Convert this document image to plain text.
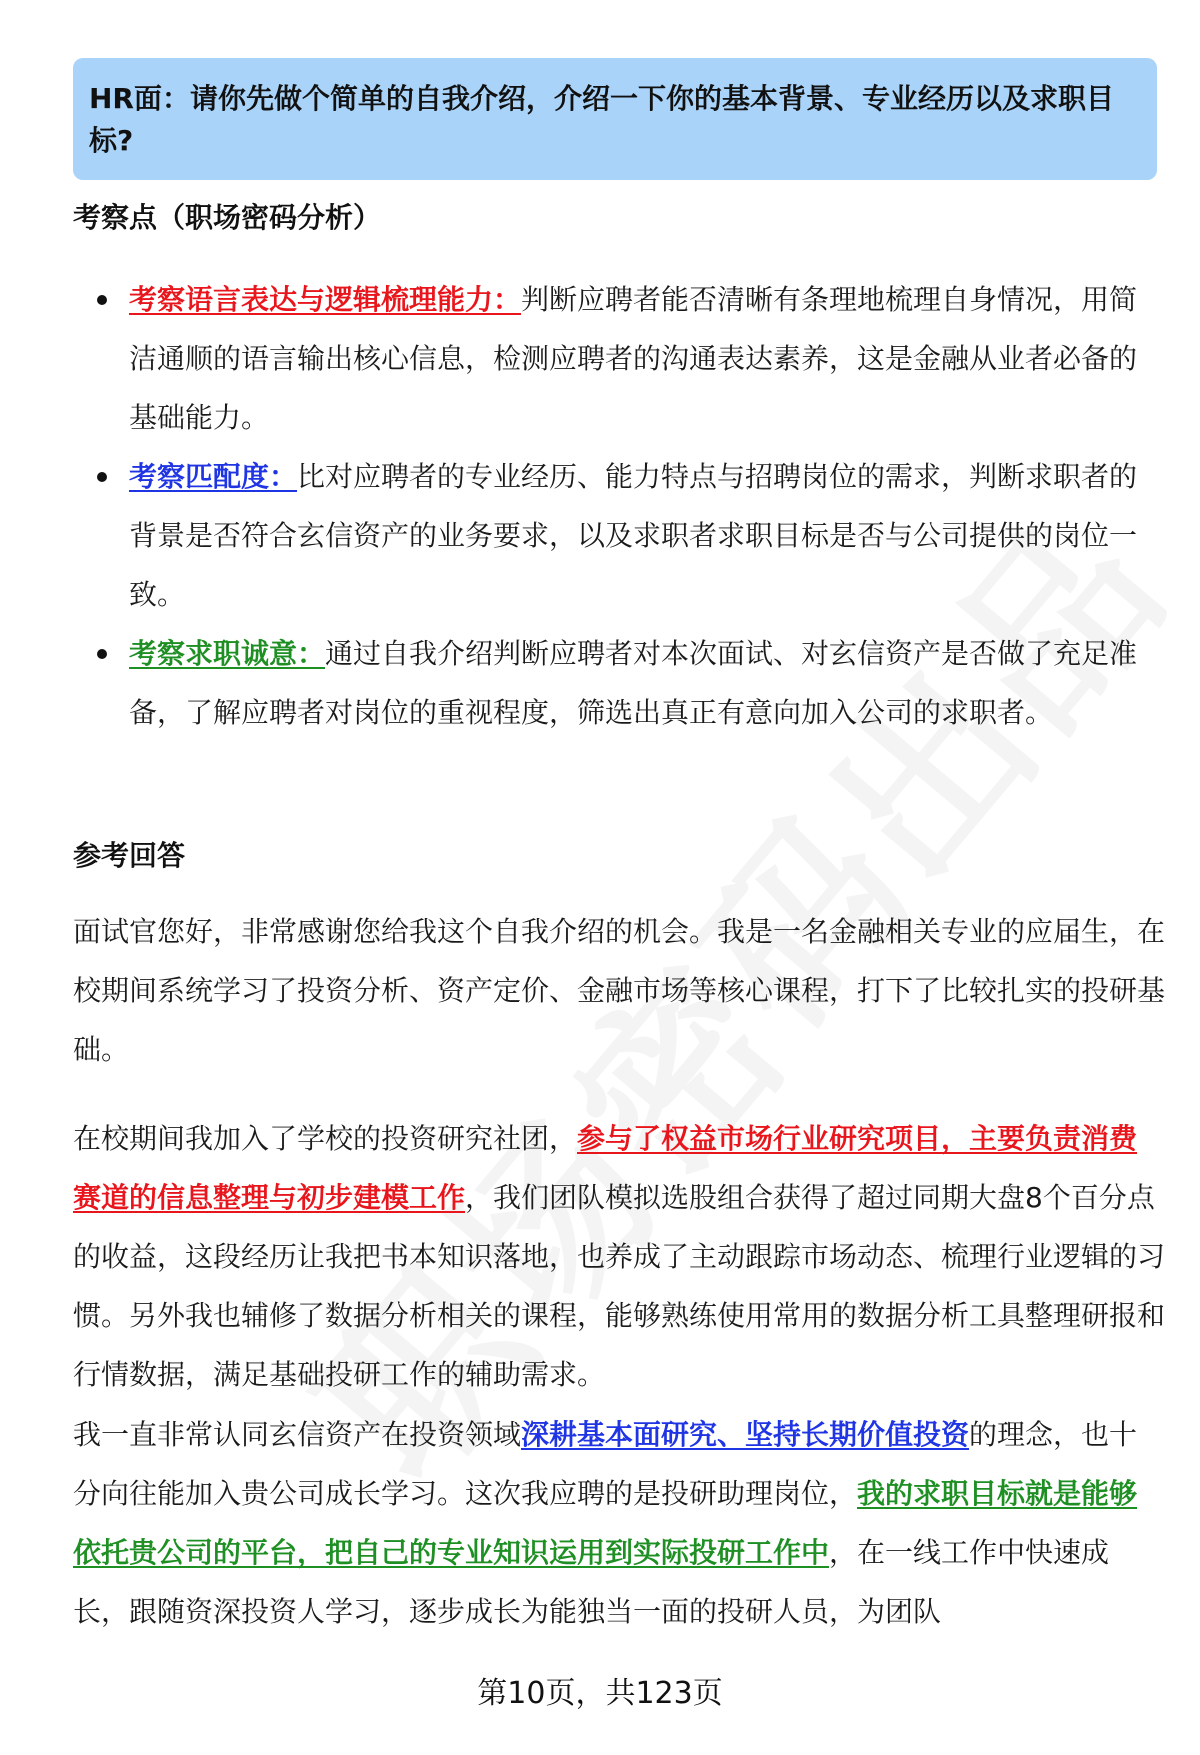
HR面：请你先做个简单的自我介绍，介绍一下你的基本背景、专业经历以及求职目标?
考察点（职场密码分析）
考察语言表达与逻辑梳理能力：判断应聘者能否清晰有条理地梳理自身情况，用简洁通顺的语言输出核心信息，检测应聘者的沟通表达素养，这是金融从业者必备的基础能力。
考察匹配度：比对应聘者的专业经历、能力特点与招聘岗位的需求，判断求职者的背景是否符合玄信资产的业务要求，以及求职者求职目标是否与公司提供的岗位一致。
考察求职诚意：通过自我介绍判断应聘者对本次面试、对玄信资产是否做了充足准备，了解应聘者对岗位的重视程度，筛选出真正有意向加入公司的求职者。
参考回答
面试官您好，非常感谢您给我这个自我介绍的机会。我是一名金融相关专业的应届生，在校期间系统学习了投资分析、资产定价、金融市场等核心课程，打下了比较扎实的投研基础。
在校期间我加入了学校的投资研究社团，参与了权益市场行业研究项目，主要负责消费赛道的信息整理与初步建模工作，我们团队模拟选股组合获得了超过同期大盘8个百分点的收益，这段经历让我把书本知识落地，也养成了主动跟踪市场动态、梳理行业逻辑的习惯。另外我也辅修了数据分析相关的课程，能够熟练使用常用的数据分析工具整理研报和行情数据，满足基础投研工作的辅助需求。
我一直非常认同玄信资产在投资领域深耕基本面研究、坚持长期价值投资的理念，也十分向往能加入贵公司成长学习。这次我应聘的是投研助理岗位，我的求职目标就是能够依托贵公司的平台，把自己的专业知识运用到实际投研工作中，在一线工作中快速成长，跟随资深投资人学习，逐步成长为能独当一面的投研人员，为团队
第10页，共123页
